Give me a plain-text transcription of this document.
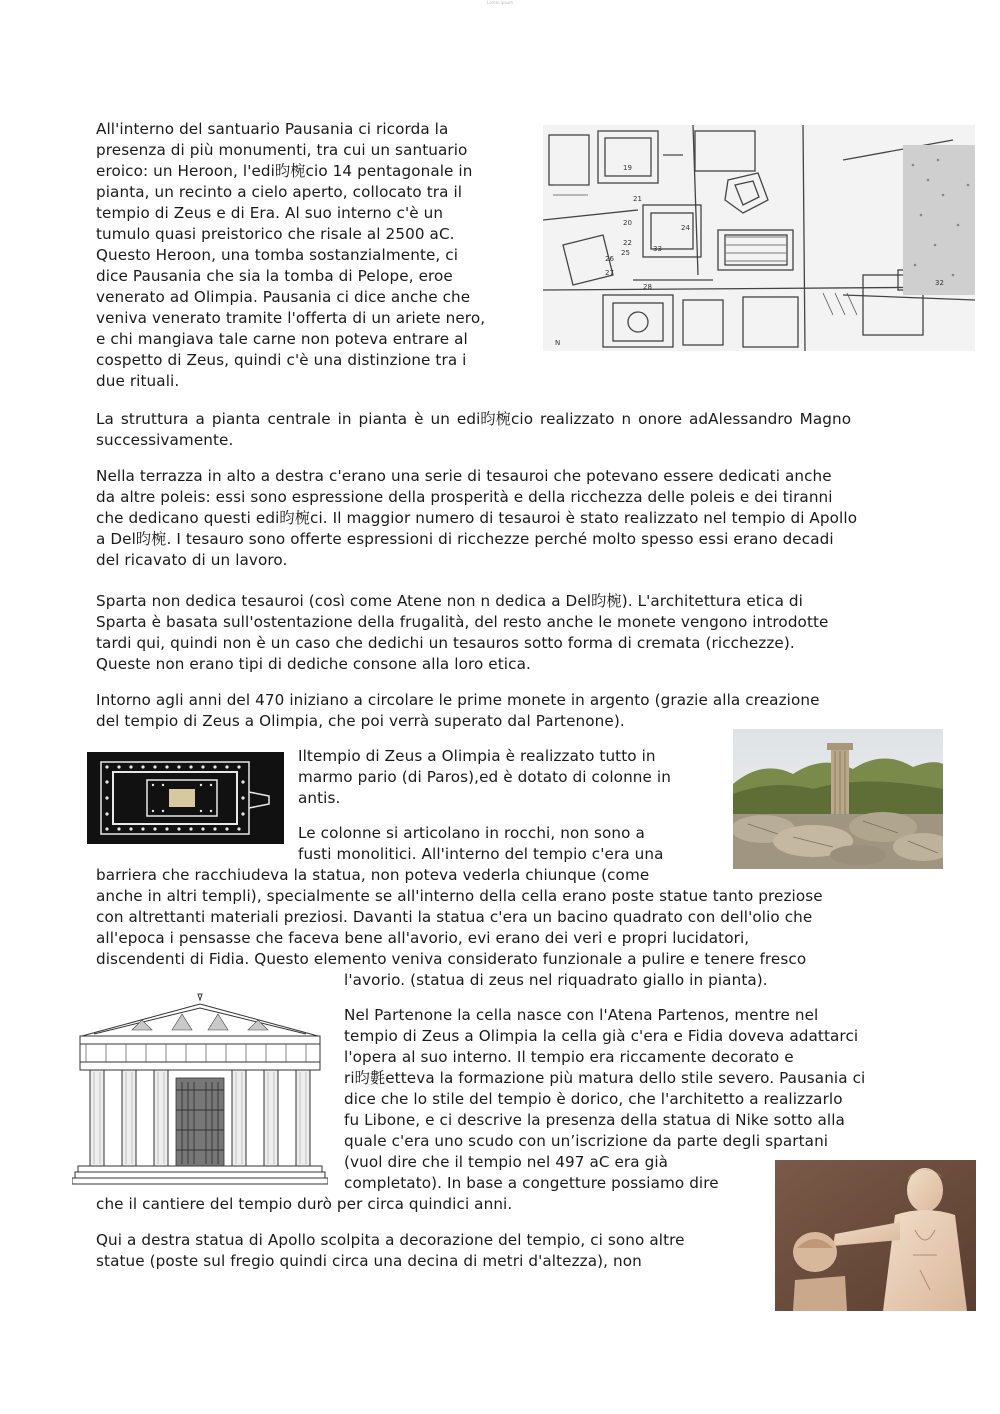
Lorem ipsum
All'interno del santuario Pausania ci ricorda la
presenza di più monumenti, tra cui un santuario
eroico: un Heroon, l'edi昀椀cio 14 pentagonale in
pianta, un recinto a cielo aperto, collocato tra il
tempio di Zeus e di Era. Al suo interno c'è un
tumulo quasi preistorico che risale al 2500 aC.
Questo Heroon, una tomba sostanzialmente, ci
dice Pausania che sia la tomba di Pelope, eroe
venerato ad Olimpia. Pausania ci dice anche che
veniva venerato tramite l'offerta di un ariete nero,
e chi mangiava tale carne non poteva entrare al
cospetto di Zeus, quindi c'è una distinzione tra i
due rituali.
19
20
21
24
22
25	33
26
27
28	32
N
La struttura a pianta centrale in pianta è un edi昀椀cio realizzato n onore adAlessandro Magno
successivamente.
Nella terrazza in alto a destra c'erano una serie di tesauroi che potevano essere dedicati anche
da altre poleis: essi sono espressione della prosperità e della ricchezza delle poleis e dei tiranni
che dedicano questi edi昀椀ci. Il maggior numero di tesauroi è stato realizzato nel tempio di Apollo
a Del昀椀. I tesauro sono offerte espressioni di ricchezze perché molto spesso essi erano decadi
del ricavato di un lavoro.
Sparta non dedica tesauroi (così come Atene non n dedica a Del昀椀). L'architettura etica di
Sparta è basata sull'ostentazione della frugalità, del resto anche le monete vengono introdotte
tardi qui, quindi non è un caso che dedichi un tesauros sotto forma di cremata (ricchezze).
Queste non erano tipi di dediche consone alla loro etica.
Intorno agli anni del 470 iniziano a circolare le prime monete in argento (grazie alla creazione
del tempio di Zeus a Olimpia, che poi verrà superato dal Partenone).
Iltempio di Zeus a Olimpia è realizzato tutto in
marmo pario (di Paros),ed è dotato di colonne in
antis.
Le colonne si articolano in rocchi, non sono a
fusti monolitici. All'interno del tempio c'era una
barriera che racchiudeva la statua, non poteva vederla chiunque (come
anche in altri templi), specialmente se all'interno della cella erano poste statue tanto preziose
con altrettanti materiali preziosi. Davanti la statua c'era un bacino quadrato con dell'olio che
all'epoca i pensasse che faceva bene all'avorio, evi erano dei veri e propri lucidatori,
discendenti di Fidia. Questo elemento veniva considerato funzionale a pulire e tenere fresco
l'avorio. (statua di zeus nel riquadrato giallo in pianta).
Nel Partenone la cella nasce con l'Atena Partenos, mentre nel
tempio di Zeus a Olimpia la cella già c'era e Fidia doveva adattarci
l'opera al suo interno. Il tempio era riccamente decorato e
ri昀氀etteva la formazione più matura dello stile severo. Pausania ci
dice che lo stile del tempio è dorico, che l'architetto a realizzarlo
fu Libone, e ci descrive la presenza della statua di Nike sotto alla
quale c'era uno scudo con un’iscrizione da parte degli spartani
(vuol dire che il tempio nel 497 aC era già
completato). In base a congetture possiamo dire
che il cantiere del tempio durò per circa quindici anni.
Qui a destra statua di Apollo scolpita a decorazione del tempio, ci sono altre
statue (poste sul fregio quindi circa una decina di metri d'altezza), non
